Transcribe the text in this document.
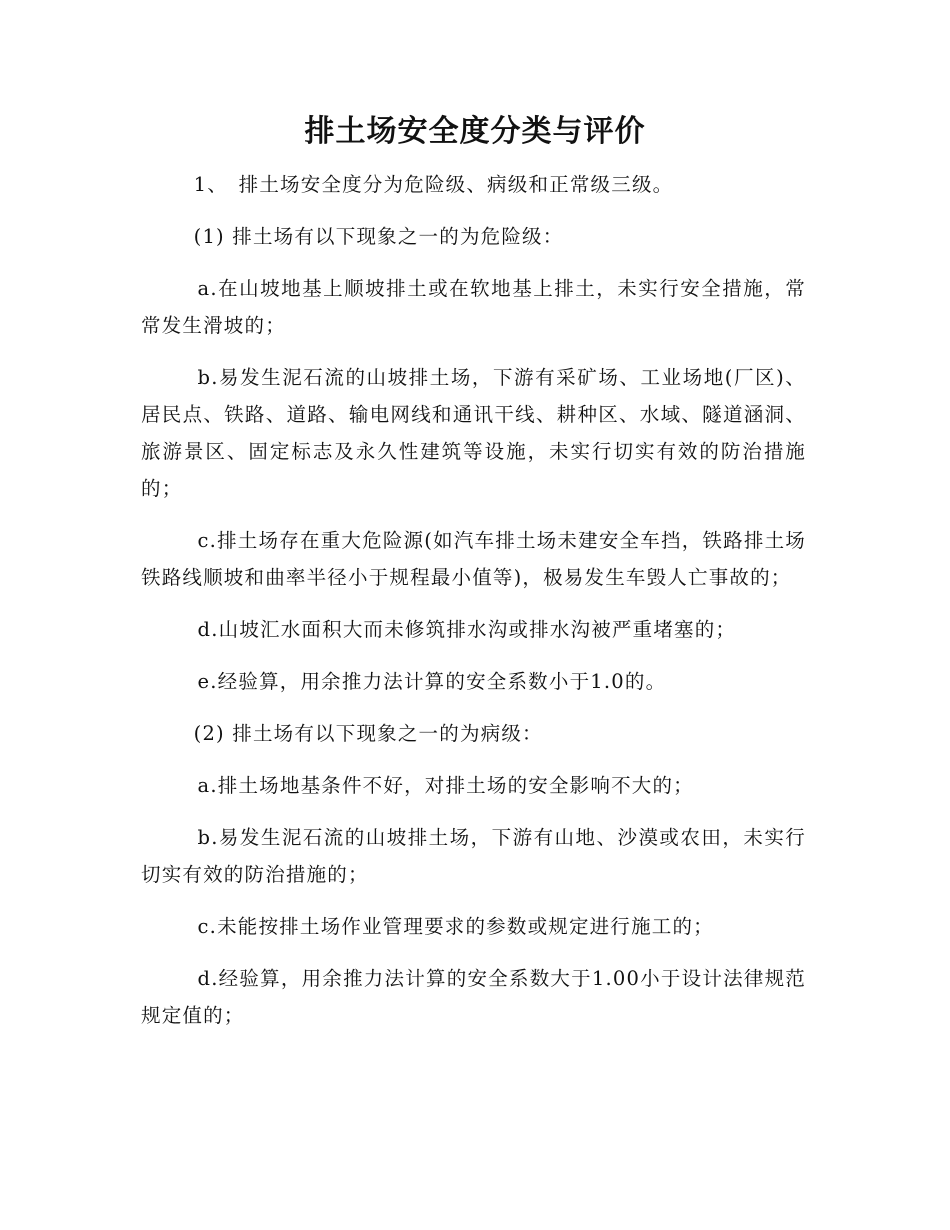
排土场安全度分类与评价

1、 排土场安全度分为危险级、病级和正常级三级。

(1) 排土场有以下现象之一的为危险级：

a.在山坡地基上顺坡排土或在软地基上排土，未实行安全措施，常常发生滑坡的；

b.易发生泥石流的山坡排土场，下游有采矿场、工业场地(厂区)、居民点、铁路、道路、输电网线和通讯干线、耕种区、水域、隧道涵洞、旅游景区、固定标志及永久性建筑等设施，未实行切实有效的防治措施的；

c.排土场存在重大危险源(如汽车排土场未建安全车挡，铁路排土场铁路线顺坡和曲率半径小于规程最小值等)，极易发生车毁人亡事故的；

d.山坡汇水面积大而未修筑排水沟或排水沟被严重堵塞的；

e.经验算，用余推力法计算的安全系数小于1.0的。

(2) 排土场有以下现象之一的为病级：

a.排土场地基条件不好，对排土场的安全影响不大的；

b.易发生泥石流的山坡排土场，下游有山地、沙漠或农田，未实行切实有效的防治措施的；

c.未能按排土场作业管理要求的参数或规定进行施工的；

d.经验算，用余推力法计算的安全系数大于1.00小于设计法律规范规定值的；
